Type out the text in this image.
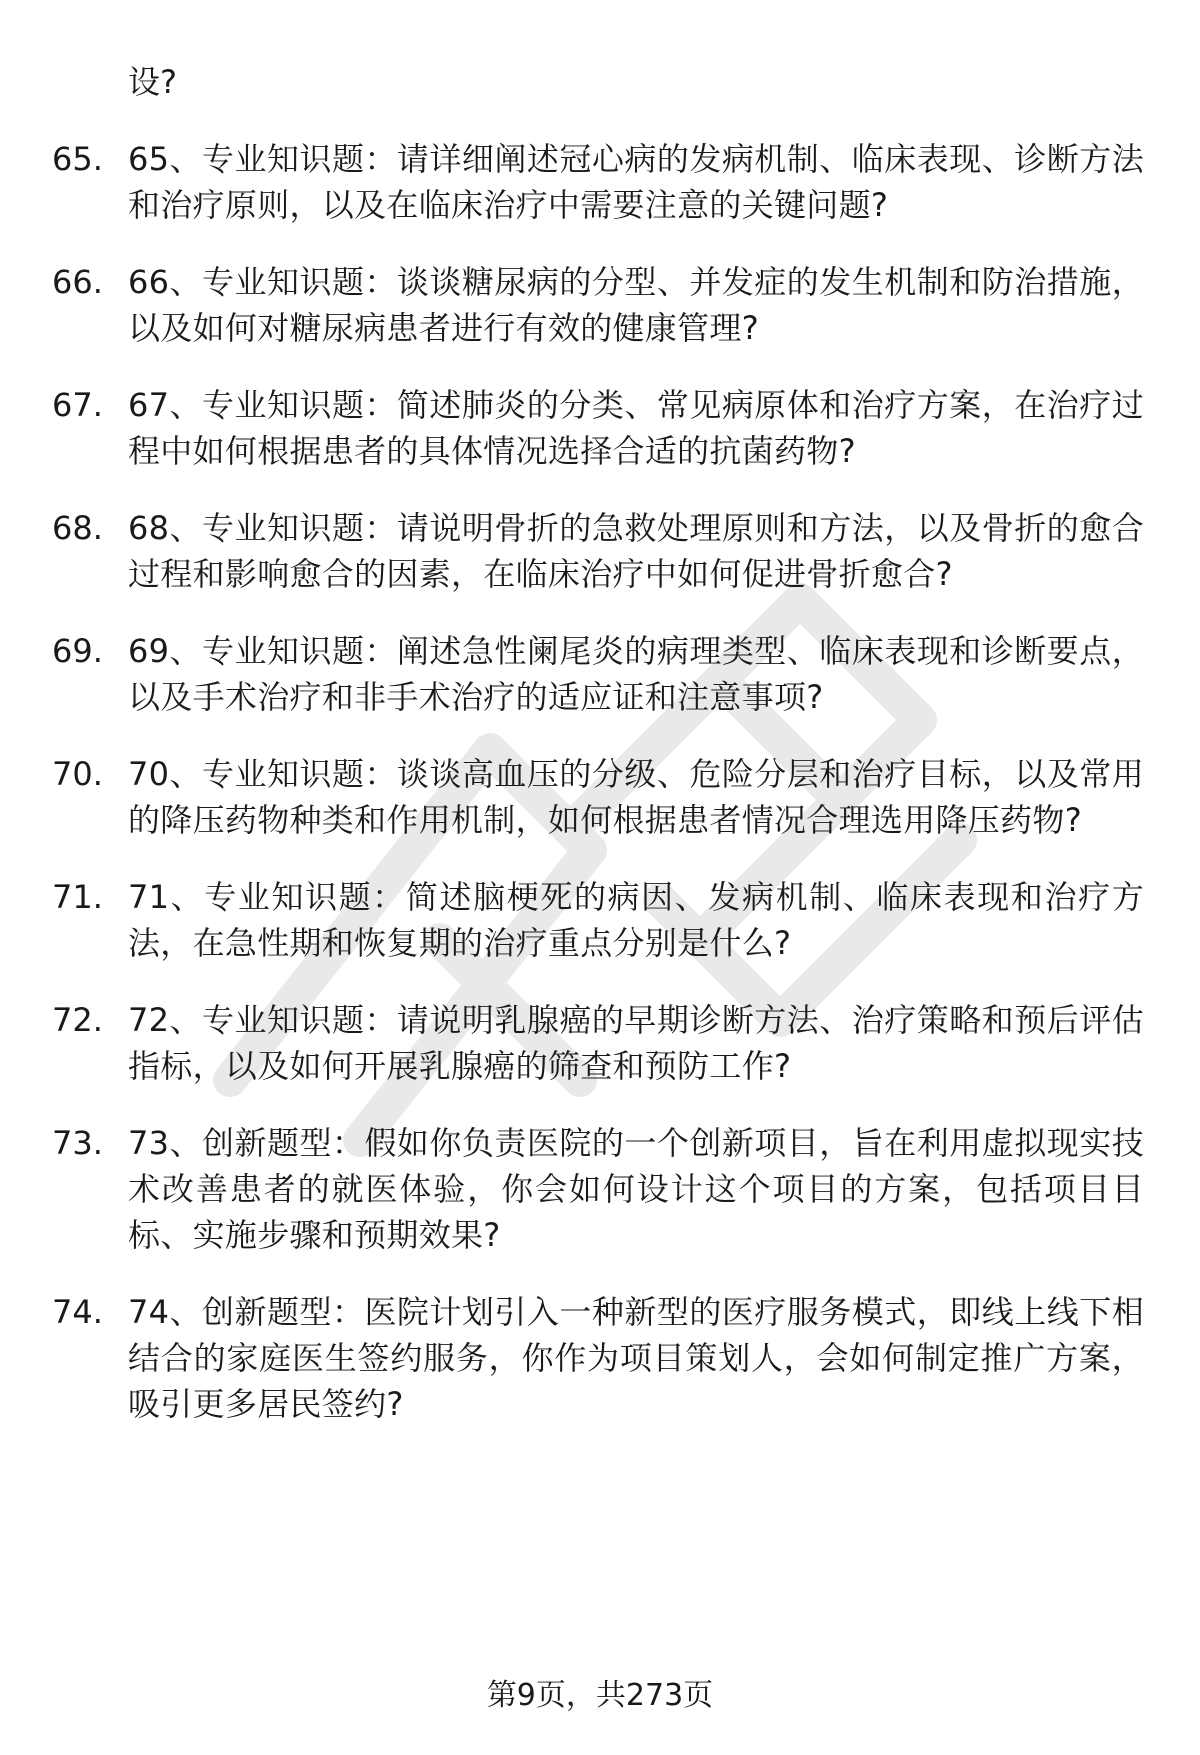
设?

65. 65、专业知识题：请详细阐述冠心病的发病机制、临床表现、诊断方法和治疗原则，以及在临床治疗中需要注意的关键问题?
66. 66、专业知识题：谈谈糖尿病的分型、并发症的发生机制和防治措施，以及如何对糖尿病患者进行有效的健康管理?
67. 67、专业知识题：简述肺炎的分类、常见病原体和治疗方案，在治疗过程中如何根据患者的具体情况选择合适的抗菌药物?
68. 68、专业知识题：请说明骨折的急救处理原则和方法，以及骨折的愈合过程和影响愈合的因素，在临床治疗中如何促进骨折愈合?
69. 69、专业知识题：阐述急性阑尾炎的病理类型、临床表现和诊断要点，以及手术治疗和非手术治疗的适应证和注意事项?
70. 70、专业知识题：谈谈高血压的分级、危险分层和治疗目标，以及常用的降压药物种类和作用机制，如何根据患者情况合理选用降压药物?
71. 71、专业知识题：简述脑梗死的病因、发病机制、临床表现和治疗方法，在急性期和恢复期的治疗重点分别是什么?
72. 72、专业知识题：请说明乳腺癌的早期诊断方法、治疗策略和预后评估指标，以及如何开展乳腺癌的筛查和预防工作?
73. 73、创新题型：假如你负责医院的一个创新项目，旨在利用虚拟现实技术改善患者的就医体验，你会如何设计这个项目的方案，包括项目目标、实施步骤和预期效果?
74. 74、创新题型：医院计划引入一种新型的医疗服务模式，即线上线下相结合的家庭医生签约服务，你作为项目策划人，会如何制定推广方案，吸引更多居民签约?

第9页，共273页
